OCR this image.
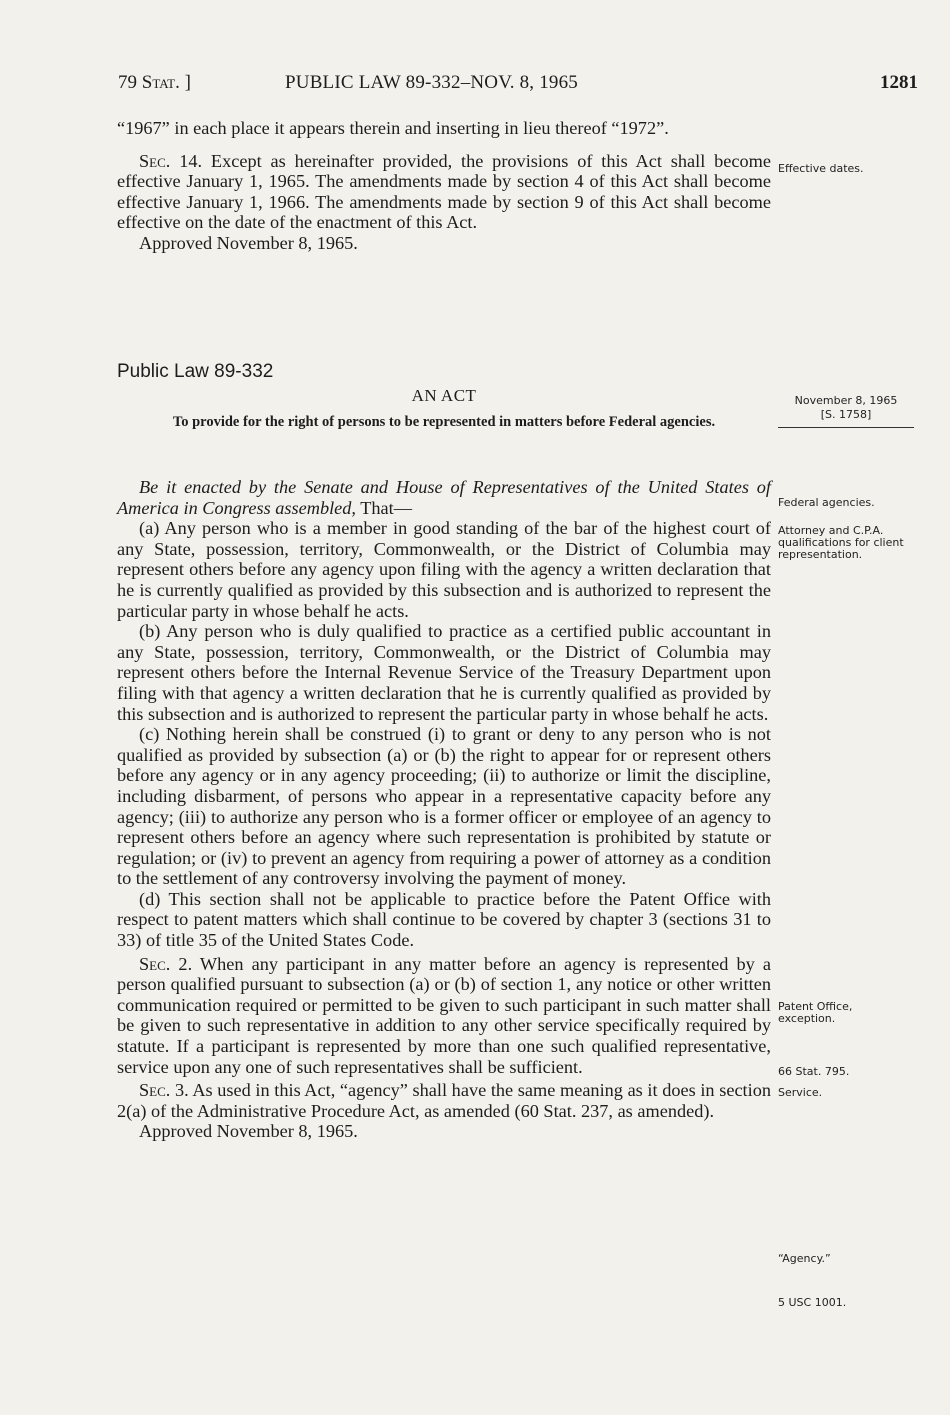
79 Stat. ]	PUBLIC LAW 89-332–NOV. 8, 1965	1281

“1967” in each place it appears therein and inserting in lieu thereof “1972”.

Sec. 14. Except as hereinafter provided, the provisions of this Act shall become effective January 1, 1965. The amendments made by section 4 of this Act shall become effective January 1, 1966. The amendments made by section 9 of this Act shall become effective on the date of the enactment of this Act.

Approved November 8, 1965.

Public Law 89-332
AN ACT
To provide for the right of persons to be represented in matters before Federal agencies.

Be it enacted by the Senate and House of Representatives of the United States of America in Congress assembled, That—

(a) Any person who is a member in good standing of the bar of the highest court of any State, possession, territory, Commonwealth, or the District of Columbia may represent others before any agency upon filing with the agency a written declaration that he is currently qualified as provided by this subsection and is authorized to represent the particular party in whose behalf he acts.

(b) Any person who is duly qualified to practice as a certified public accountant in any State, possession, territory, Commonwealth, or the District of Columbia may represent others before the Internal Revenue Service of the Treasury Department upon filing with that agency a written declaration that he is currently qualified as provided by this subsection and is authorized to represent the particular party in whose behalf he acts.

(c) Nothing herein shall be construed (i) to grant or deny to any person who is not qualified as provided by subsection (a) or (b) the right to appear for or represent others before any agency or in any agency proceeding; (ii) to authorize or limit the discipline, including disbarment, of persons who appear in a representative capacity before any agency; (iii) to authorize any person who is a former officer or employee of an agency to represent others before an agency where such representation is prohibited by statute or regulation; or (iv) to prevent an agency from requiring a power of attorney as a condition to the settlement of any controversy involving the payment of money.

(d) This section shall not be applicable to practice before the Patent Office with respect to patent matters which shall continue to be covered by chapter 3 (sections 31 to 33) of title 35 of the United States Code.

Sec. 2. When any participant in any matter before an agency is represented by a person qualified pursuant to subsection (a) or (b) of section 1, any notice or other written communication required or permitted to be given to such participant in such matter shall be given to such representative in addition to any other service specifically required by statute. If a participant is represented by more than one such qualified representative, service upon any one of such representatives shall be sufficient.

Sec. 3. As used in this Act, “agency” shall have the same meaning as it does in section 2(a) of the Administrative Procedure Act, as amended (60 Stat. 237, as amended).

Approved November 8, 1965.

Effective dates.
November 8, 1965
[S. 1758]
Federal agencies.
Attorney and C.P.A. qualifications for client representation.
Patent Office, exception.
66 Stat. 795.
Service.
“Agency.”
5 USC 1001.
